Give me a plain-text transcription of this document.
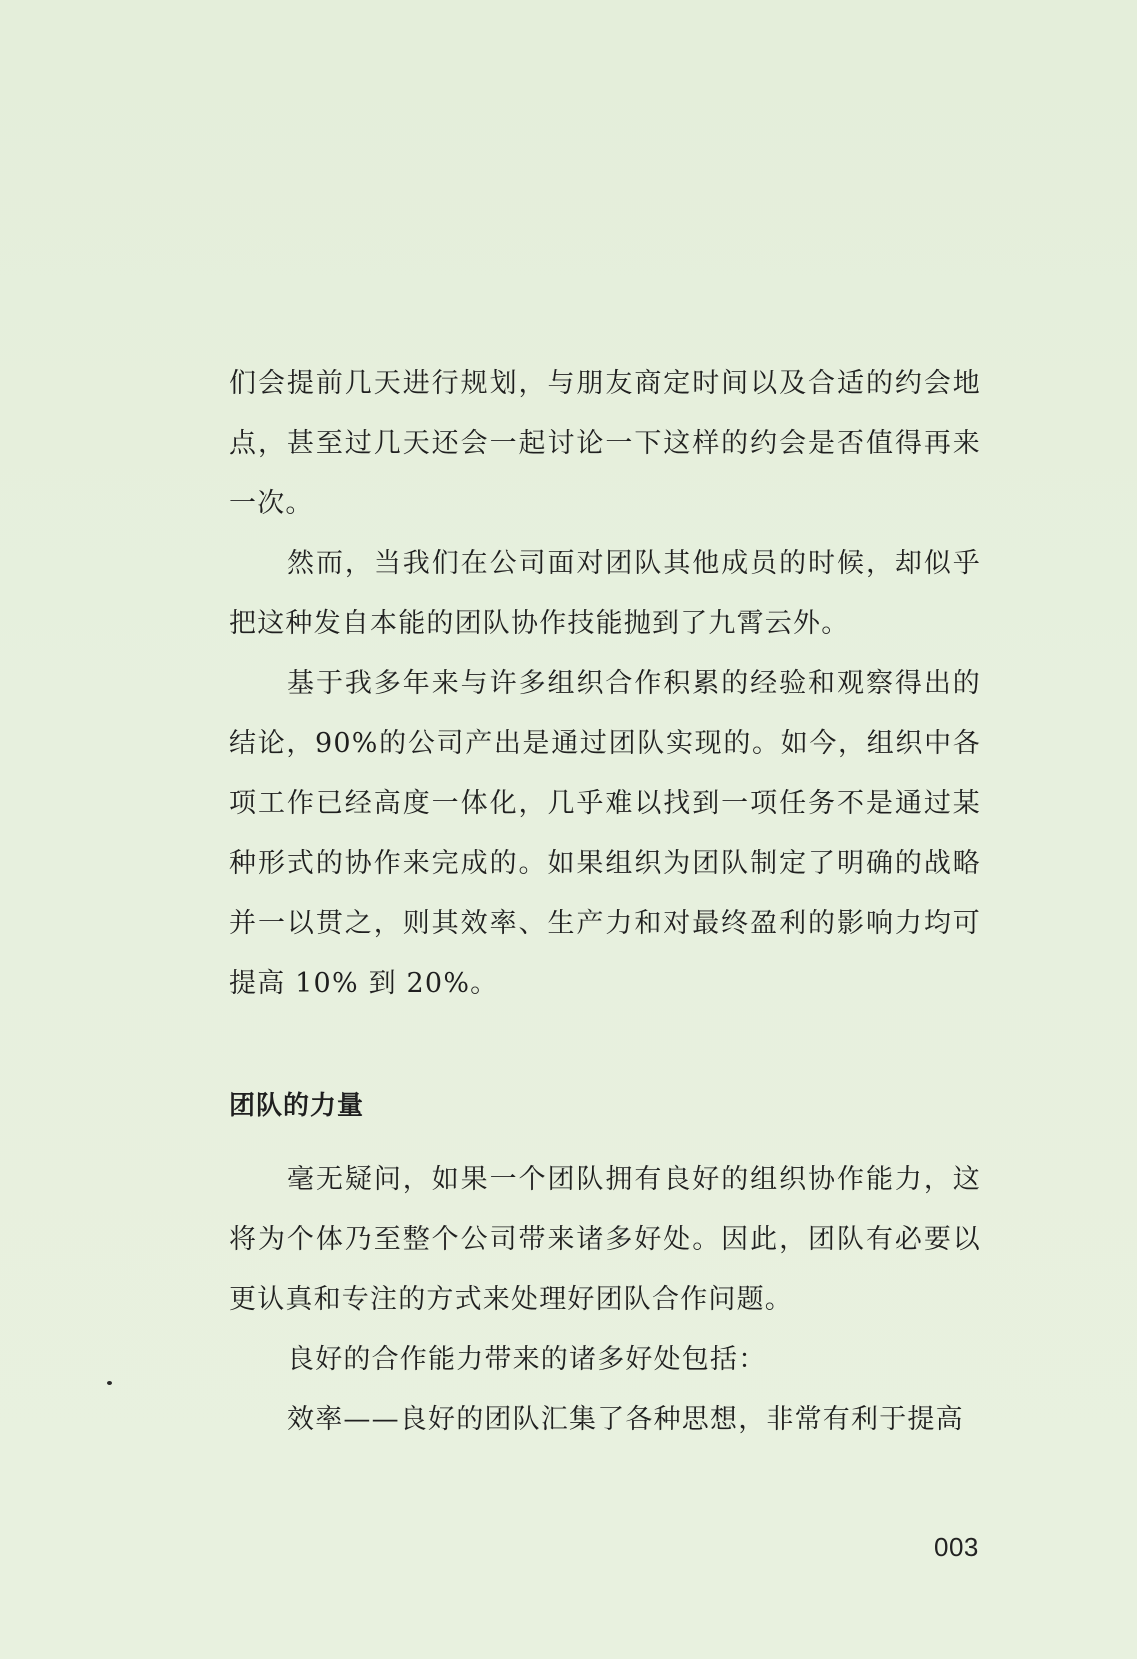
们会提前几天进行规划，与朋友商定时间以及合适的约会地点，甚至过几天还会一起讨论一下这样的约会是否值得再来一次。

然而，当我们在公司面对团队其他成员的时候，却似乎把这种发自本能的团队协作技能抛到了九霄云外。

基于我多年来与许多组织合作积累的经验和观察得出的结论，90%的公司产出是通过团队实现的。如今，组织中各项工作已经高度一体化，几乎难以找到一项任务不是通过某种形式的协作来完成的。如果组织为团队制定了明确的战略并一以贯之，则其效率、生产力和对最终盈利的影响力均可提高 10% 到 20%。

团队的力量

毫无疑问，如果一个团队拥有良好的组织协作能力，这将为个体乃至整个公司带来诸多好处。因此，团队有必要以更认真和专注的方式来处理好团队合作问题。

良好的合作能力带来的诸多好处包括：

效率——良好的团队汇集了各种思想，非常有利于提高

003
